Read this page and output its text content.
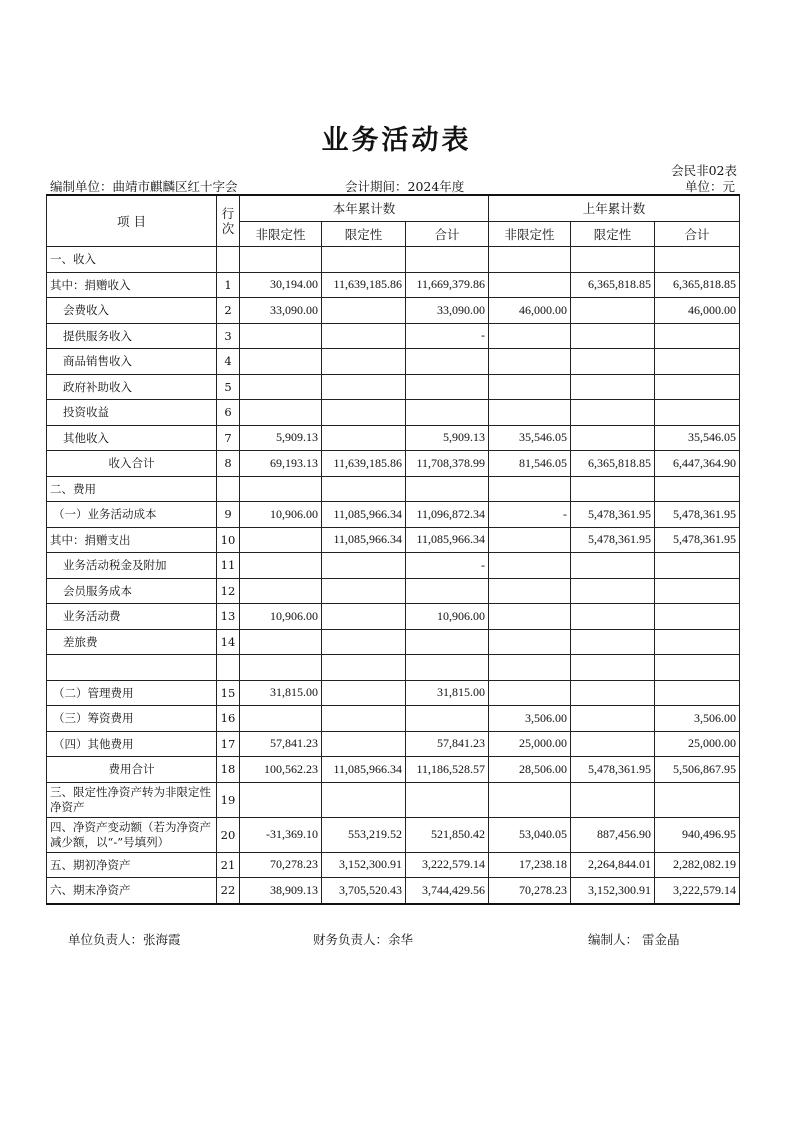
业务活动表
会民非02表
编制单位：曲靖市麒麟区红十字会	会计期间：2024年度	单位：元
项 目	行次	本年累计数			上年累计数		
		非限定性	限定性	合计	非限定性	限定性	合计
一、收入							
其中：捐赠收入	1	30,194.00	11,639,185.86	11,669,379.86		6,365,818.85	6,365,818.85
会费收入	2	33,090.00		33,090.00	46,000.00		46,000.00
提供服务收入	3			-			
商品销售收入	4						
政府补助收入	5						
投资收益	6						
其他收入	7	5,909.13		5,909.13	35,546.05		35,546.05
收入合计	8	69,193.13	11,639,185.86	11,708,378.99	81,546.05	6,365,818.85	6,447,364.90
二、费用							
（一）业务活动成本	9	10,906.00	11,085,966.34	11,096,872.34	-	5,478,361.95	5,478,361.95
其中：捐赠支出	10		11,085,966.34	11,085,966.34		5,478,361.95	5,478,361.95
业务活动税金及附加	11			-			
会员服务成本	12						
业务活动费	13	10,906.00		10,906.00			
差旅费	14						

（二）管理费用	15	31,815.00		31,815.00			
（三）筹资费用	16				3,506.00		3,506.00
（四）其他费用	17	57,841.23		57,841.23	25,000.00		25,000.00
费用合计	18	100,562.23	11,085,966.34	11,186,528.57	28,506.00	5,478,361.95	5,506,867.95
三、限定性净资产转为非限定性净资产	19						
四、净资产变动额（若为净资产减少额，以“-”号填列）	20	-31,369.10	553,219.52	521,850.42	53,040.05	887,456.90	940,496.95
五、期初净资产	21	70,278.23	3,152,300.91	3,222,579.14	17,238.18	2,264,844.01	2,282,082.19
六、期末净资产	22	38,909.13	3,705,520.43	3,744,429.56	70,278.23	3,152,300.91	3,222,579.14
单位负责人：张海霞	财务负责人：余华	编制人： 雷金晶
